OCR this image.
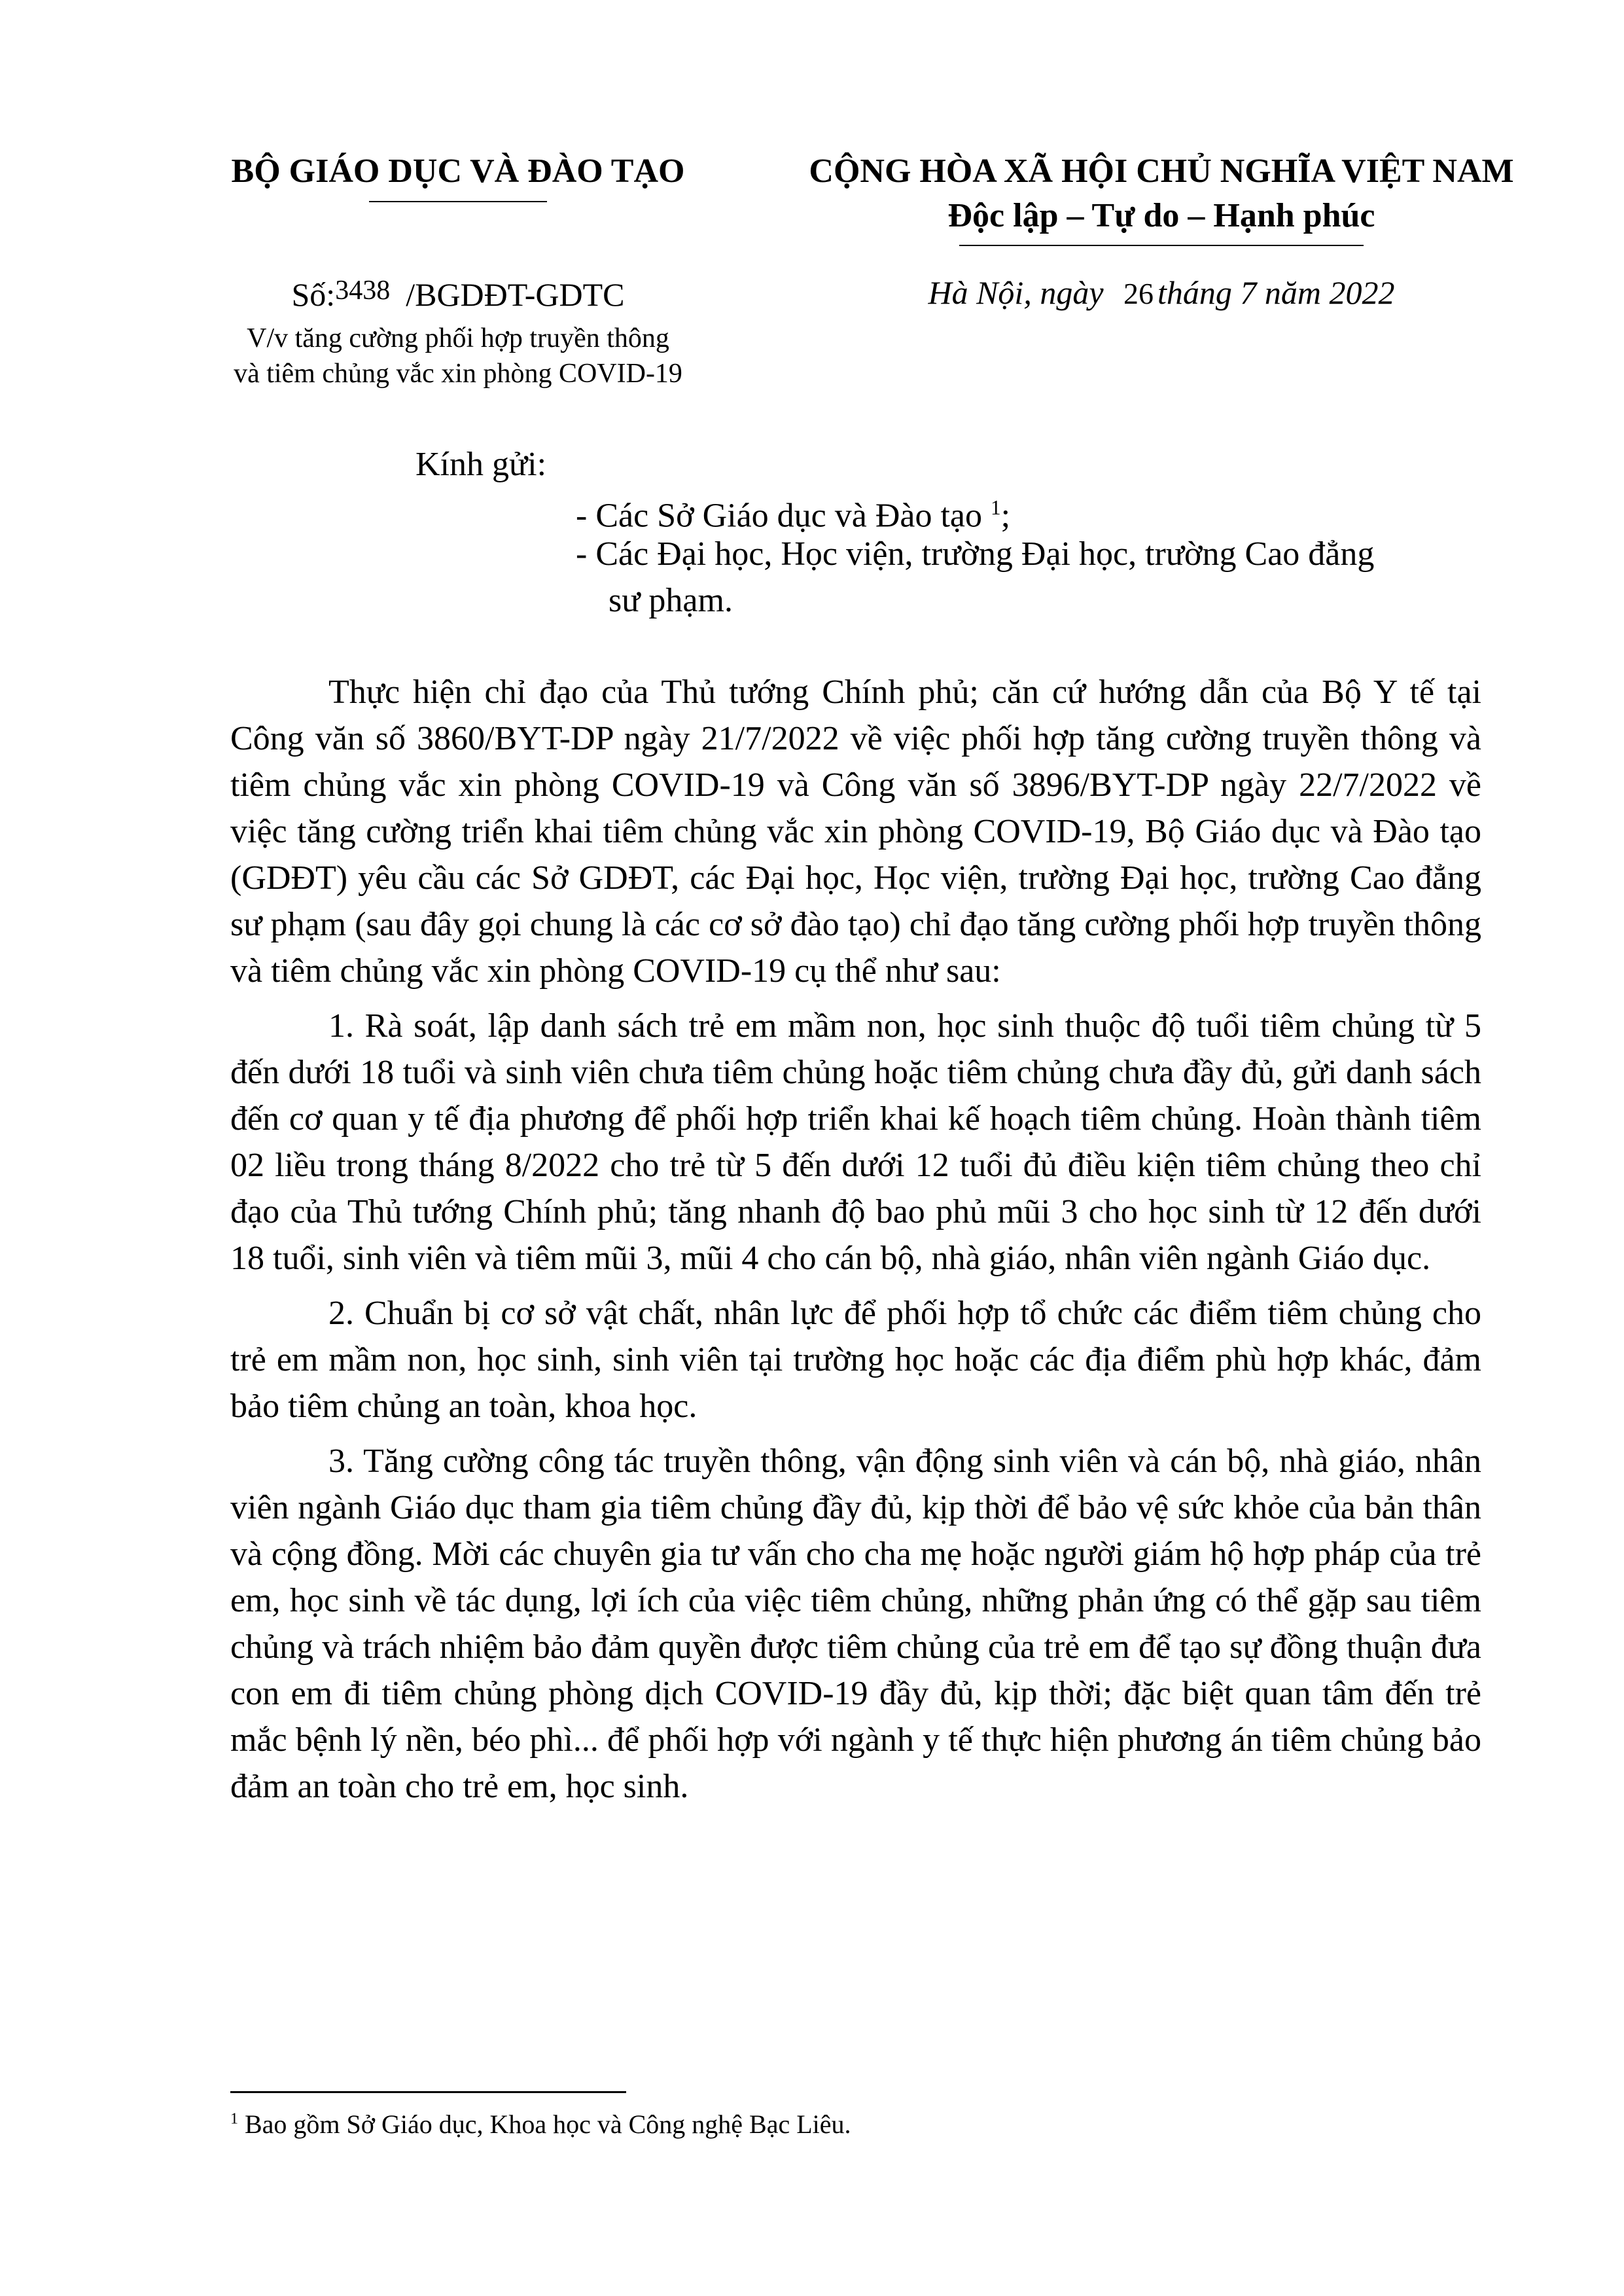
BỘ GIÁO DỤC VÀ ĐÀO TẠO	CỘNG HÒA XÃ HỘI CHỦ NGHĨA VIỆT NAM
Độc lập – Tự do – Hạnh phúc
Số:$^{3438}$ /BGDĐT-GDTC
V/v tăng cường phối hợp truyền thông
và tiêm chủng vắc xin phòng COVID-19
Hà Nội, ngày 26 tháng 7 năm 2022
Kính gửi:
- Các Sở Giáo dục và Đào tạo $^1$;
- Các Đại học, Học viện, trường Đại học, trường Cao đẳng
sư phạm.

Thực hiện chỉ đạo của Thủ tướng Chính phủ; căn cứ hướng dẫn của Bộ Y tế tại Công văn số 3860/BYT-DP ngày 21/7/2022 về việc phối hợp tăng cường truyền thông và tiêm chủng vắc xin phòng COVID-19 và Công văn số 3896/BYT-DP ngày 22/7/2022 về việc tăng cường triển khai tiêm chủng vắc xin phòng COVID-19, Bộ Giáo dục và Đào tạo (GDĐT) yêu cầu các Sở GDĐT, các Đại học, Học viện, trường Đại học, trường Cao đẳng sư phạm (sau đây gọi chung là các cơ sở đào tạo) chỉ đạo tăng cường phối hợp truyền thông và tiêm chủng vắc xin phòng COVID-19 cụ thể như sau:

1. Rà soát, lập danh sách trẻ em mầm non, học sinh thuộc độ tuổi tiêm chủng từ 5 đến dưới 18 tuổi và sinh viên chưa tiêm chủng hoặc tiêm chủng chưa đầy đủ, gửi danh sách đến cơ quan y tế địa phương để phối hợp triển khai kế hoạch tiêm chủng. Hoàn thành tiêm 02 liều trong tháng 8/2022 cho trẻ từ 5 đến dưới 12 tuổi đủ điều kiện tiêm chủng theo chỉ đạo của Thủ tướng Chính phủ; tăng nhanh độ bao phủ mũi 3 cho học sinh từ 12 đến dưới 18 tuổi, sinh viên và tiêm mũi 3, mũi 4 cho cán bộ, nhà giáo, nhân viên ngành Giáo dục.

2. Chuẩn bị cơ sở vật chất, nhân lực để phối hợp tổ chức các điểm tiêm chủng cho trẻ em mầm non, học sinh, sinh viên tại trường học hoặc các địa điểm phù hợp khác, đảm bảo tiêm chủng an toàn, khoa học.

3. Tăng cường công tác truyền thông, vận động sinh viên và cán bộ, nhà giáo, nhân viên ngành Giáo dục tham gia tiêm chủng đầy đủ, kịp thời để bảo vệ sức khỏe của bản thân và cộng đồng. Mời các chuyên gia tư vấn cho cha mẹ hoặc người giám hộ hợp pháp của trẻ em, học sinh về tác dụng, lợi ích của việc tiêm chủng, những phản ứng có thể gặp sau tiêm chủng và trách nhiệm bảo đảm quyền được tiêm chủng của trẻ em để tạo sự đồng thuận đưa con em đi tiêm chủng phòng dịch COVID-19 đầy đủ, kịp thời; đặc biệt quan tâm đến trẻ mắc bệnh lý nền, béo phì... để phối hợp với ngành y tế thực hiện phương án tiêm chủng bảo đảm an toàn cho trẻ em, học sinh.

$^1$ Bao gồm Sở Giáo dục, Khoa học và Công nghệ Bạc Liêu.
